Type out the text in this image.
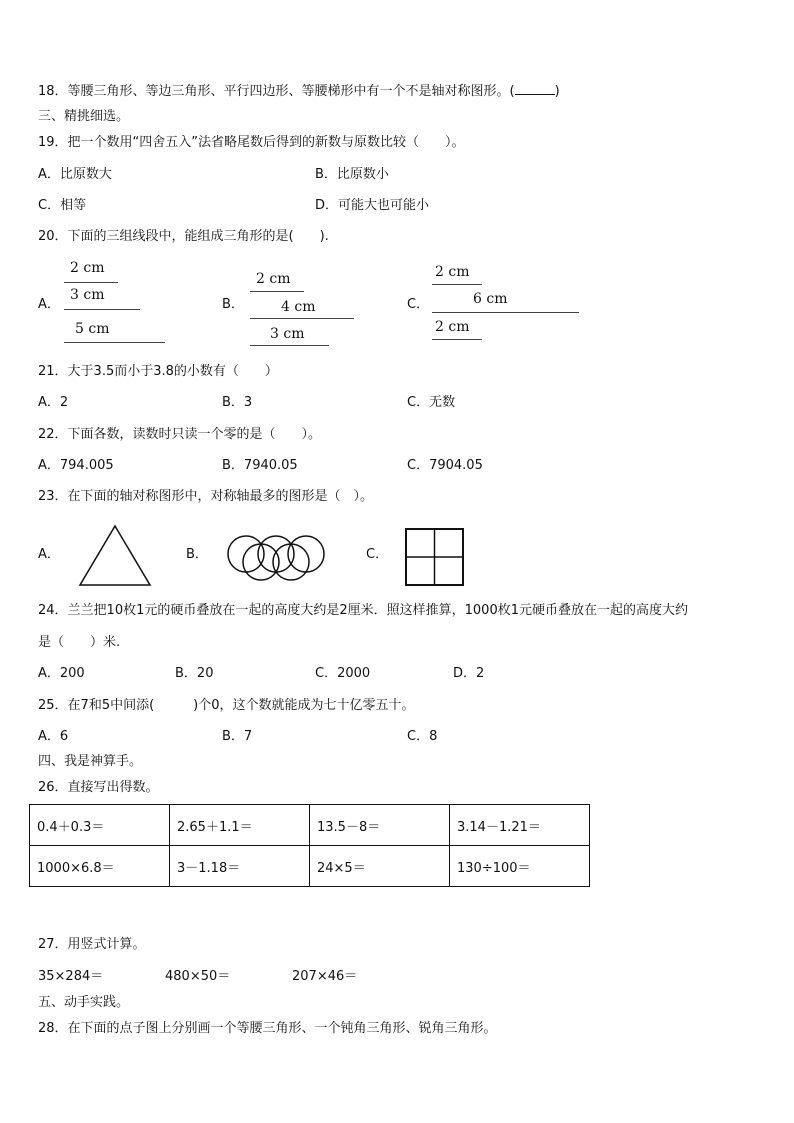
18．等腰三角形、等边三角形、平行四边形、等腰梯形中有一个不是轴对称图形。(	)
三、精挑细选。
19．把一个数用“四舍五入”法省略尾数后得到的新数与原数比较（　　）。
A．比原数大	B．比原数小
C．相等	D．可能大也可能小
20．下面的三组线段中，能组成三角形的是(　　).
A．
2 cm
3 cm
5 cm
B．
2 cm
4 cm
3 cm
C．
2 cm
6 cm
2 cm
21．大于3.5而小于3.8的小数有（　　）
A．2	B．3	C．无数
22．下面各数，读数时只读一个零的是（　　）。
A．794.005	B．7940.05	C．7904.05
23．在下面的轴对称图形中，对称轴最多的图形是（　）。
A．	B．	C．
24．兰兰把10枚1元的硬币叠放在一起的高度大约是2厘米．照这样推算，1000枚1元硬币叠放在一起的高度大约
是（　　）米.
A．200	B．20	C．2000	D．2
25．在7和5中间添(　　　)个0，这个数就能成为七十亿零五十。
A．6	B．7	C．8
四、我是神算手。
26．直接写出得数。
0.4＋0.3＝	2.65＋1.1＝	13.5－8＝	3.14－1.21＝
1000×6.8＝	3－1.18＝	24×5＝	130÷100＝
27．用竖式计算。
35×284＝	480×50＝	207×46＝
五、动手实践。
28．在下面的点子图上分别画一个等腰三角形、一个钝角三角形、锐角三角形。
